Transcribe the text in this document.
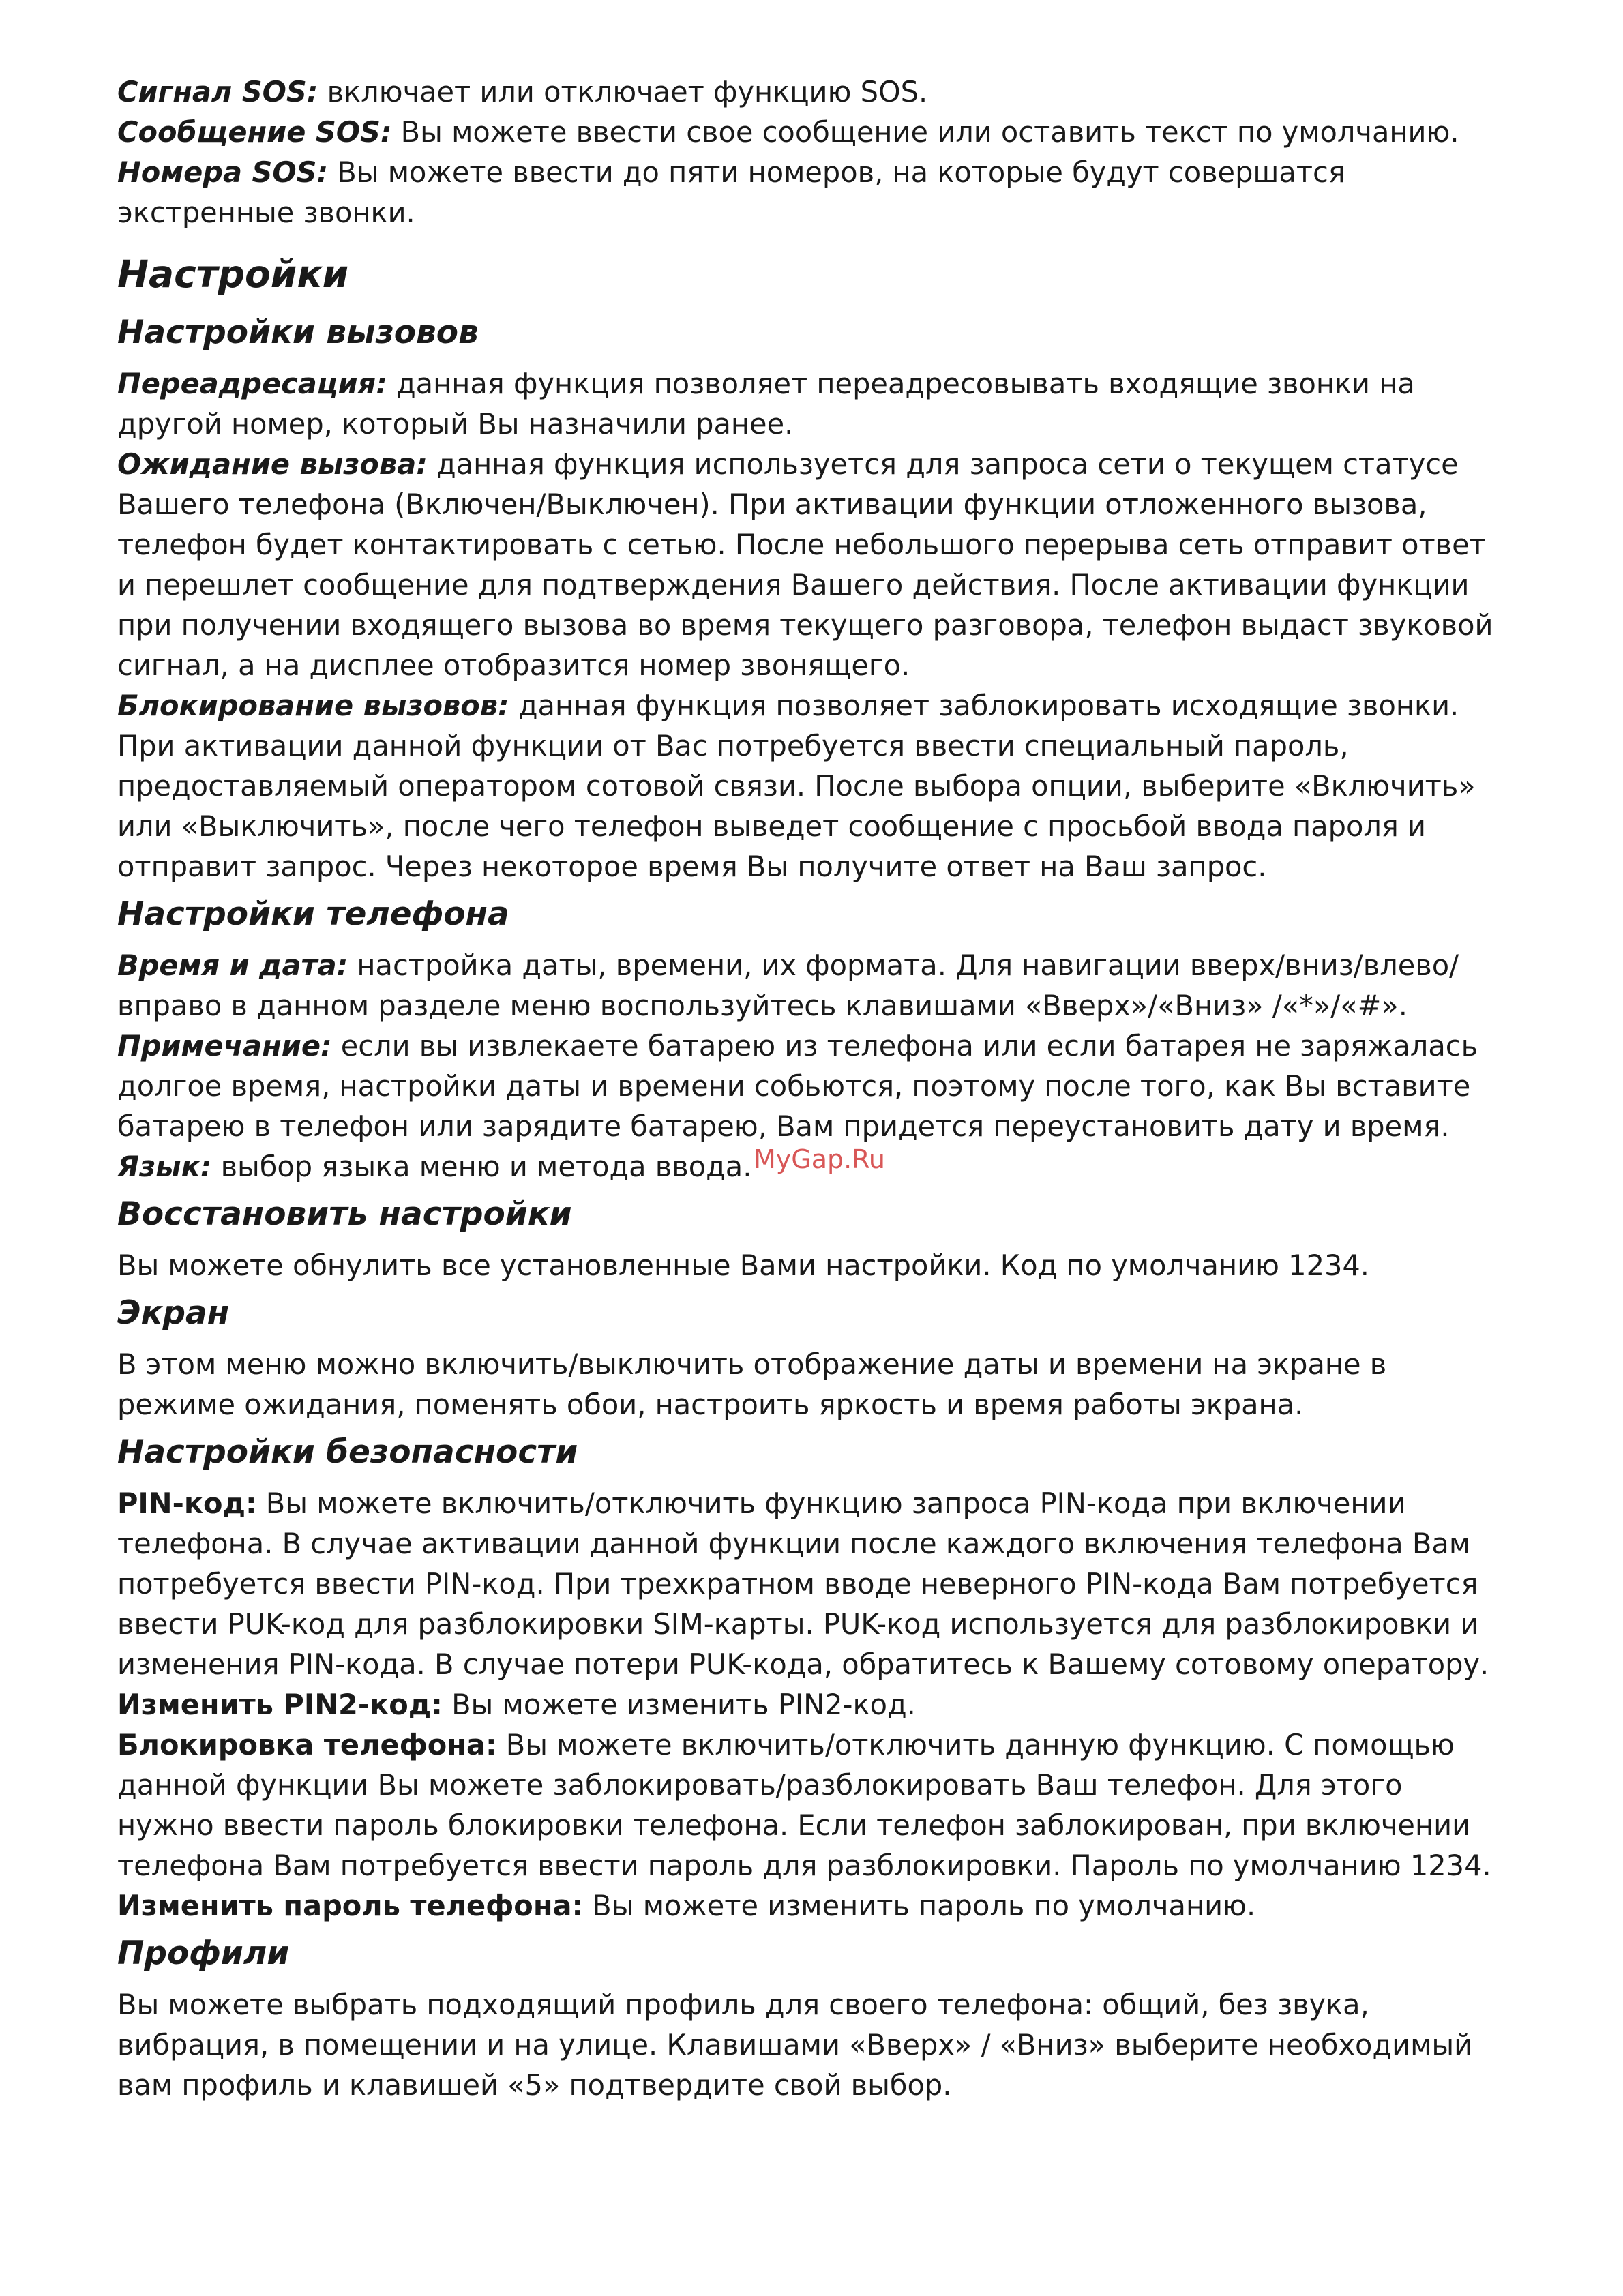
Сигнал SOS: включает или отключает функцию SOS.

Сообщение SOS: Вы можете ввести свое сообщение или оставить текст по умолчанию.

Номера SOS: Вы можете ввести до пяти номеров, на которые будут совершатся экстренные звонки.

Настройки
Настройки вызовов

Переадресация: данная функция позволяет переадресовывать входящие звонки на другой номер, который Вы назначили ранее.

Ожидание вызова: данная функция используется для запроса сети о текущем статусе Вашего телефона (Включен/Выключен). При активации функции отложенного вызова, телефон будет контактировать с сетью. После небольшого перерыва сеть отправит ответ и перешлет сообщение для подтверждения Вашего действия. После активации функции при получении входящего вызова во время текущего разговора, телефон выдаст звуковой сигнал, а на дисплее отобразится номер звонящего.

Блокирование вызовов: данная функция позволяет заблокировать исходящие звонки. При активации данной функции от Вас потребуется ввести специальный пароль, предоставляемый оператором сотовой связи. После выбора опции, выберите «Включить» или «Выключить», после чего телефон выведет сообщение с просьбой ввода пароля и отправит запрос. Через некоторое время Вы получите ответ на Ваш запрос.

Настройки телефона

Время и дата: настройка даты, времени, их формата. Для навигации вверх/вниз/влево/вправо в данном разделе меню воспользуйтесь клавишами «Вверх»/«Вниз» /«*»/«#».

Примечание: если вы извлекаете батарею из телефона или если батарея не заряжалась долгое время, настройки даты и времени собьются, поэтому после того, как Вы вставите батарею в телефон или зарядите батарею, Вам придется переустановить дату и время.

Язык: выбор языка меню и метода ввода.

Восстановить настройки

Вы можете обнулить все установленные Вами настройки. Код по умолчанию 1234.

Экран

В этом меню можно включить/выключить отображение даты и времени на экране в режиме ожидания, поменять обои, настроить яркость и время работы экрана.

Настройки безопасности

PIN-код: Вы можете включить/отключить функцию запроса PIN-кода при включении телефона. В случае активации данной функции после каждого включения телефона Вам потребуется ввести PIN-код. При трехкратном вводе неверного PIN-кода Вам потребуется ввести PUK-код для разблокировки SIM-карты. PUK-код используется для разблокировки и изменения PIN-кода. В случае потери PUK-кода, обратитесь к Вашему сотовому оператору.

Изменить PIN2-код: Вы можете изменить PIN2-код.

Блокировка телефона: Вы можете включить/отключить данную функцию. С помощью данной функции Вы можете заблокировать/разблокировать Ваш телефон. Для этого нужно ввести пароль блокировки телефона. Если телефон заблокирован, при включении телефона Вам потребуется ввести пароль для разблокировки. Пароль по умолчанию 1234.

Изменить пароль телефона: Вы можете изменить пароль по умолчанию.

Профили

Вы можете выбрать подходящий профиль для своего телефона: общий, без звука, вибрация, в помещении и на улице. Клавишами «Вверх» / «Вниз» выберите необходимый вам профиль и клавишей «5» подтвердите свой выбор.

MyGap.Ru
